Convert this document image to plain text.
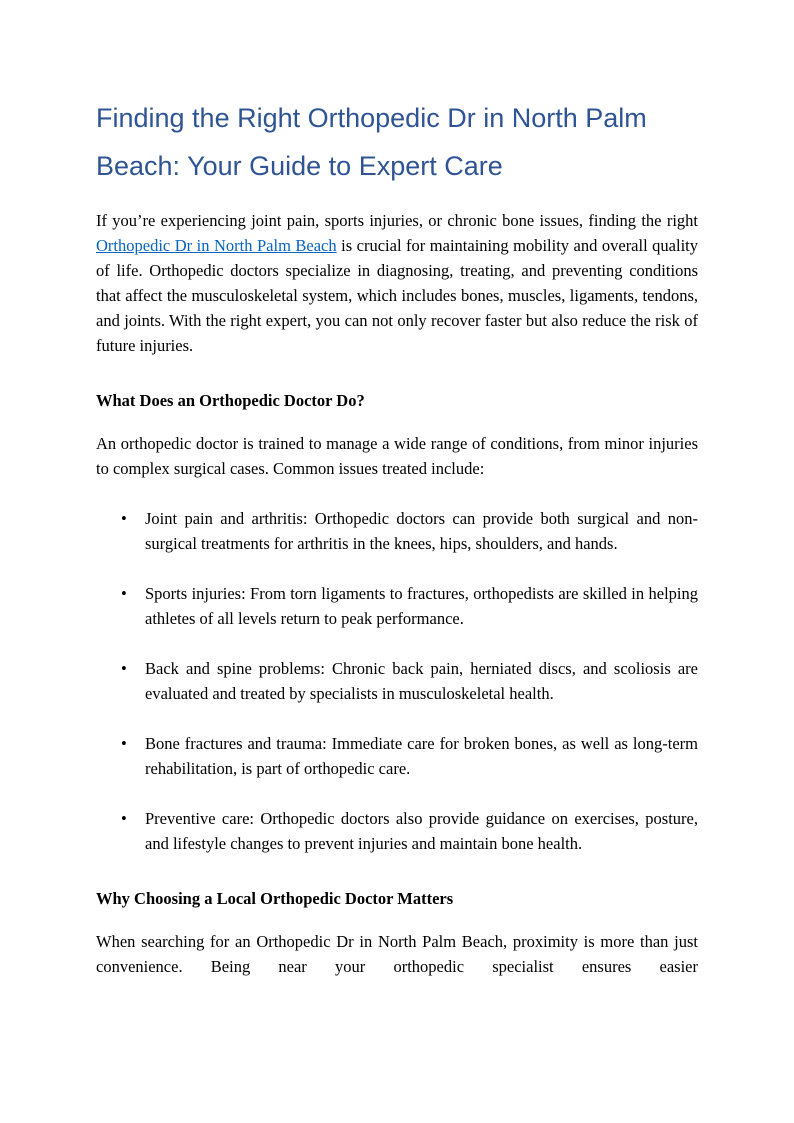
Finding the Right Orthopedic Dr in North Palm Beach: Your Guide to Expert Care

If you’re experiencing joint pain, sports injuries, or chronic bone issues, finding the right Orthopedic Dr in North Palm Beach is crucial for maintaining mobility and overall quality of life. Orthopedic doctors specialize in diagnosing, treating, and preventing conditions that affect the musculoskeletal system, which includes bones, muscles, ligaments, tendons, and joints. With the right expert, you can not only recover faster but also reduce the risk of future injuries.

What Does an Orthopedic Doctor Do?

An orthopedic doctor is trained to manage a wide range of conditions, from minor injuries to complex surgical cases. Common issues treated include:

• Joint pain and arthritis: Orthopedic doctors can provide both surgical and non-surgical treatments for arthritis in the knees, hips, shoulders, and hands.
• Sports injuries: From torn ligaments to fractures, orthopedists are skilled in helping athletes of all levels return to peak performance.
• Back and spine problems: Chronic back pain, herniated discs, and scoliosis are evaluated and treated by specialists in musculoskeletal health.
• Bone fractures and trauma: Immediate care for broken bones, as well as long-term rehabilitation, is part of orthopedic care.
• Preventive care: Orthopedic doctors also provide guidance on exercises, posture, and lifestyle changes to prevent injuries and maintain bone health.
Why Choosing a Local Orthopedic Doctor Matters

When searching for an Orthopedic Dr in North Palm Beach, proximity is more than just convenience. Being near your orthopedic specialist ensures easier
